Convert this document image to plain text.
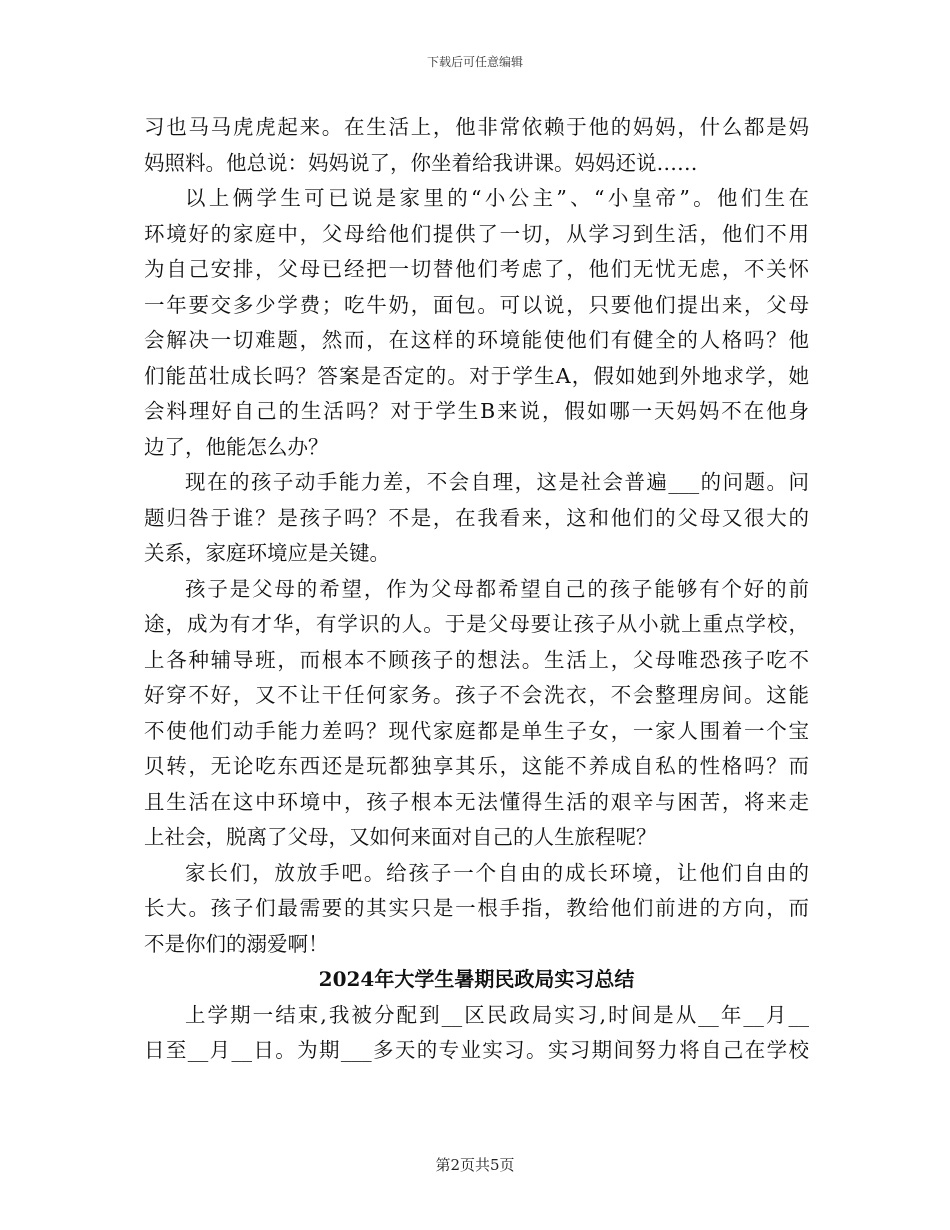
下载后可任意编辑
习也马马虎虎起来。在生活上，他非常依赖于他的妈妈，什么都是妈
妈照料。他总说：妈妈说了，你坐着给我讲课。妈妈还说……
以上俩学生可已说是家里的“小公主”、“小皇帝”。他们生在
环境好的家庭中，父母给他们提供了一切，从学习到生活，他们不用
为自己安排，父母已经把一切替他们考虑了，他们无忧无虑，不关怀
一年要交多少学费；吃牛奶，面包。可以说，只要他们提出来，父母
会解决一切难题，然而，在这样的环境能使他们有健全的人格吗？他
们能茁壮成长吗？答案是否定的。对于学生A，假如她到外地求学，她
会料理好自己的生活吗？对于学生B来说，假如哪一天妈妈不在他身
边了，他能怎么办？
现在的孩子动手能力差，不会自理，这是社会普遍___的问题。问
题归咎于谁？是孩子吗？不是，在我看来，这和他们的父母又很大的
关系，家庭环境应是关键。
孩子是父母的希望，作为父母都希望自己的孩子能够有个好的前
途，成为有才华，有学识的人。于是父母要让孩子从小就上重点学校，
上各种辅导班，而根本不顾孩子的想法。生活上，父母唯恐孩子吃不
好穿不好，又不让干任何家务。孩子不会洗衣，不会整理房间。这能
不使他们动手能力差吗？现代家庭都是单生子女，一家人围着一个宝
贝转，无论吃东西还是玩都独享其乐，这能不养成自私的性格吗？而
且生活在这中环境中，孩子根本无法懂得生活的艰辛与困苦，将来走
上社会，脱离了父母，又如何来面对自己的人生旅程呢？
家长们，放放手吧。给孩子一个自由的成长环境，让他们自由的
长大。孩子们最需要的其实只是一根手指，教给他们前进的方向，而
不是你们的溺爱啊！
2024年大学生暑期民政局实习总结
上学期一结束,我被分配到__区民政局实习,时间是从__年__月__
日至__月__日。为期___多天的专业实习。实习期间努力将自己在学校
第2页共5页
